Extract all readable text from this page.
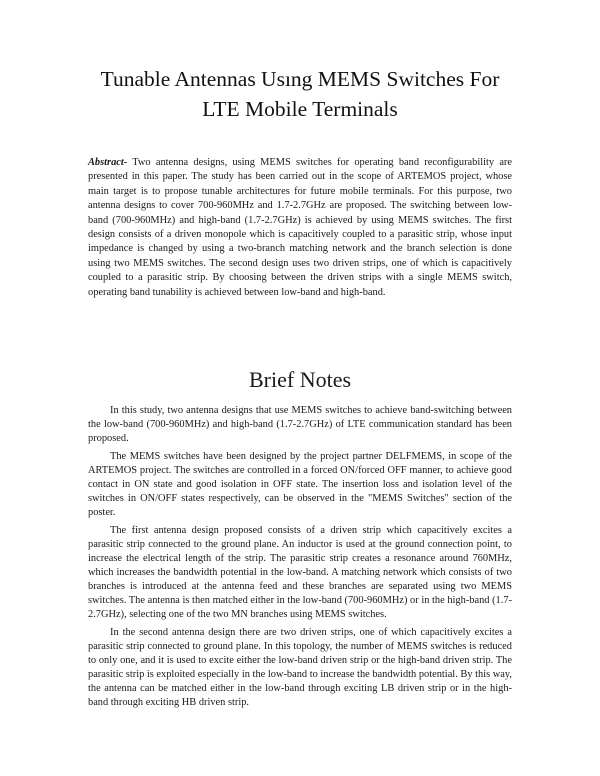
Tunable Antennas Usıng MEMS Switches For
LTE Mobile Terminals

Abstract- Two antenna designs, using MEMS switches for operating band reconfigurability are presented in this paper. The study has been carried out in the scope of ARTEMOS project, whose main target is to propose tunable architectures for future mobile terminals. For this purpose, two antenna designs to cover 700-960MHz and 1.7-2.7GHz are proposed. The switching between low-band (700-960MHz) and high-band (1.7-2.7GHz) is achieved by using MEMS switches. The first design consists of a driven monopole which is capacitively coupled to a parasitic strip, whose input impedance is changed by using a two-branch matching network and the branch selection is done using two MEMS switches. The second design uses two driven strips, one of which is capacitively coupled to a parasitic strip. By choosing between the driven strips with a single MEMS switch, operating band tunability is achieved between low-band and high-band.

Brief Notes

In this study, two antenna designs that use MEMS switches to achieve band-switching between the low-band (700-960MHz) and high-band (1.7-2.7GHz) of LTE communication standard has been proposed.

The MEMS switches have been designed by the project partner DELFMEMS, in scope of the ARTEMOS project. The switches are controlled in a forced ON/forced OFF manner, to achieve good contact in ON state and good isolation in OFF state. The insertion loss and isolation level of the switches in ON/OFF states respectively, can be observed in the "MEMS Switches" section of the poster.

The first antenna design proposed consists of a driven strip which capacitively excites a parasitic strip connected to the ground plane. An inductor is used at the ground connection point, to increase the electrical length of the strip. The parasitic strip creates a resonance around 760MHz, which increases the bandwidth potential in the low-band. A matching network which consists of two branches is introduced at the antenna feed and these branches are separated using two MEMS switches. The antenna is then matched either in the low-band (700-960MHz) or in the high-band (1.7-2.7GHz), selecting one of the two MN branches using MEMS switches.

In the second antenna design there are two driven strips, one of which capacitively excites a parasitic strip connected to ground plane. In this topology, the number of MEMS switches is reduced to only one, and it is used to excite either the low-band driven strip or the high-band driven strip. The parasitic strip is exploited especially in the low-band to increase the bandwidth potential. By this way, the antenna can be matched either in the low-band through exciting LB driven strip or in the high-band through exciting HB driven strip.
